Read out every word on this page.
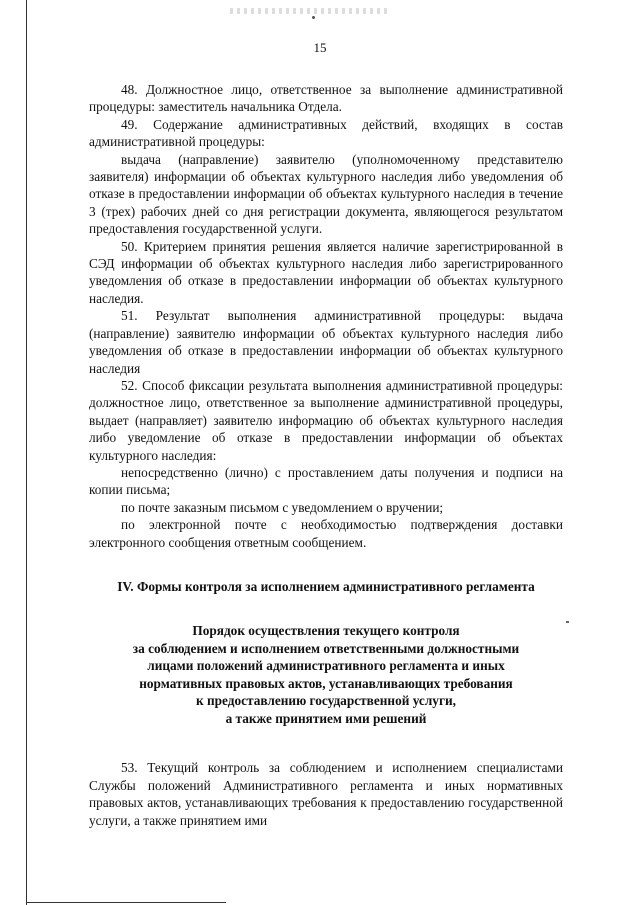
15

48. Должностное лицо, ответственное за выполнение административной процедуры: заместитель начальника Отдела.

49. Содержание административных действий, входящих в состав административной процедуры:

выдача (направление) заявителю (уполномоченному представителю заявителя) информации об объектах культурного наследия либо уведомления об отказе в предоставлении информации об объектах культурного наследия в течение 3 (трех) рабочих дней со дня регистрации документа, являющегося результатом предоставления государственной услуги.

50. Критерием принятия решения является наличие зарегистрированной в СЭД информации об объектах культурного наследия либо зарегистрированного уведомления об отказе в предоставлении информации об объектах культурного наследия.

51. Результат выполнения административной процедуры: выдача (направление) заявителю информации об объектах культурного наследия либо уведомления об отказе в предоставлении информации об объектах культурного наследия

52. Способ фиксации результата выполнения административной процедуры: должностное лицо, ответственное за выполнение административной процедуры, выдает (направляет) заявителю информацию об объектах культурного наследия либо уведомление об отказе в предоставлении информации об объектах культурного наследия:

непосредственно (лично) с проставлением даты получения и подписи на копии письма;

по почте заказным письмом с уведомлением о вручении;

по электронной почте с необходимостью подтверждения доставки электронного сообщения ответным сообщением.

IV. Формы контроля за исполнением административного регламента

Порядок осуществления текущего контроля

за соблюдением и исполнением ответственными должностными

лицами положений административного регламента и иных

нормативных правовых актов, устанавливающих требования

к предоставлению государственной услуги,

а также принятием ими решений

53. Текущий контроль за соблюдением и исполнением специалистами Службы положений Административного регламента и иных нормативных правовых актов, устанавливающих требования к предоставлению государственной услуги, а также принятием ими
